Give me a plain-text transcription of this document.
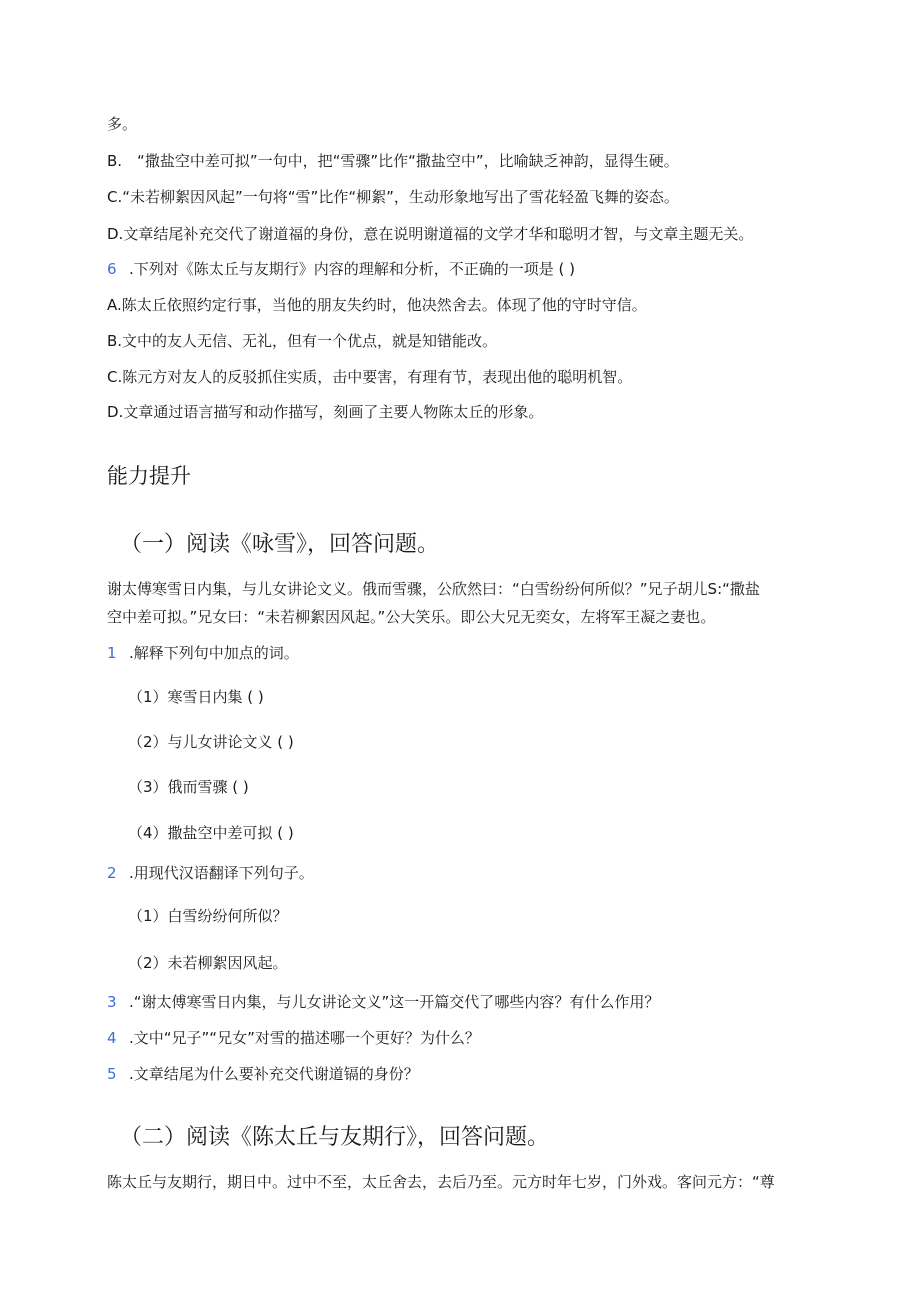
多。
B.　“撒盐空中差可拟”一句中，把“雪骤”比作“撒盐空中”，比喻缺乏神韵，显得生硬。
C.“未若柳絮因风起”一句将“雪”比作“柳絮”，生动形象地写出了雪花轻盈飞舞的姿态。
D.文章结尾补充交代了谢道福的身份，意在说明谢道福的文学才华和聪明才智，与文章主题无关。
6 .下列对《陈太丘与友期行》内容的理解和分析，不正确的一项是 ( )
A.陈太丘依照约定行事，当他的朋友失约时，他决然舍去。体现了他的守时守信。
B.文中的友人无信、无礼，但有一个优点，就是知错能改。
C.陈元方对友人的反驳抓住实质，击中要害，有理有节，表现出他的聪明机智。
D.文章通过语言描写和动作描写，刻画了主要人物陈太丘的形象。
能力提升
（一）阅读《咏雪》，回答问题。
谢太傅寒雪日内集，与儿女讲论文义。俄而雪骤，公欣然曰：“白雪纷纷何所似？”兄子胡儿S:“撒盐
空中差可拟。”兄女曰：“未若柳絮因风起。”公大笑乐。即公大兄无奕女，左将军王凝之妻也。
1 .解释下列句中加点的词。
（1）寒雪日内集 ( )
（2）与儿女讲论文义 ( )
（3）俄而雪骤 ( )
（4）撒盐空中差可拟 ( )
2 .用现代汉语翻译下列句子。
（1）白雪纷纷何所似？
（2）未若柳絮因风起。
3 .“谢太傅寒雪日内集，与儿女讲论文义”这一开篇交代了哪些内容？有什么作用？
4 .文中“兄子”“兄女”对雪的描述哪一个更好？为什么？
5 .文章结尾为什么要补充交代谢道镉的身份？
（二）阅读《陈太丘与友期行》，回答问题。
陈太丘与友期行，期日中。过中不至，太丘舍去，去后乃至。元方时年七岁，门外戏。客问元方：“尊
